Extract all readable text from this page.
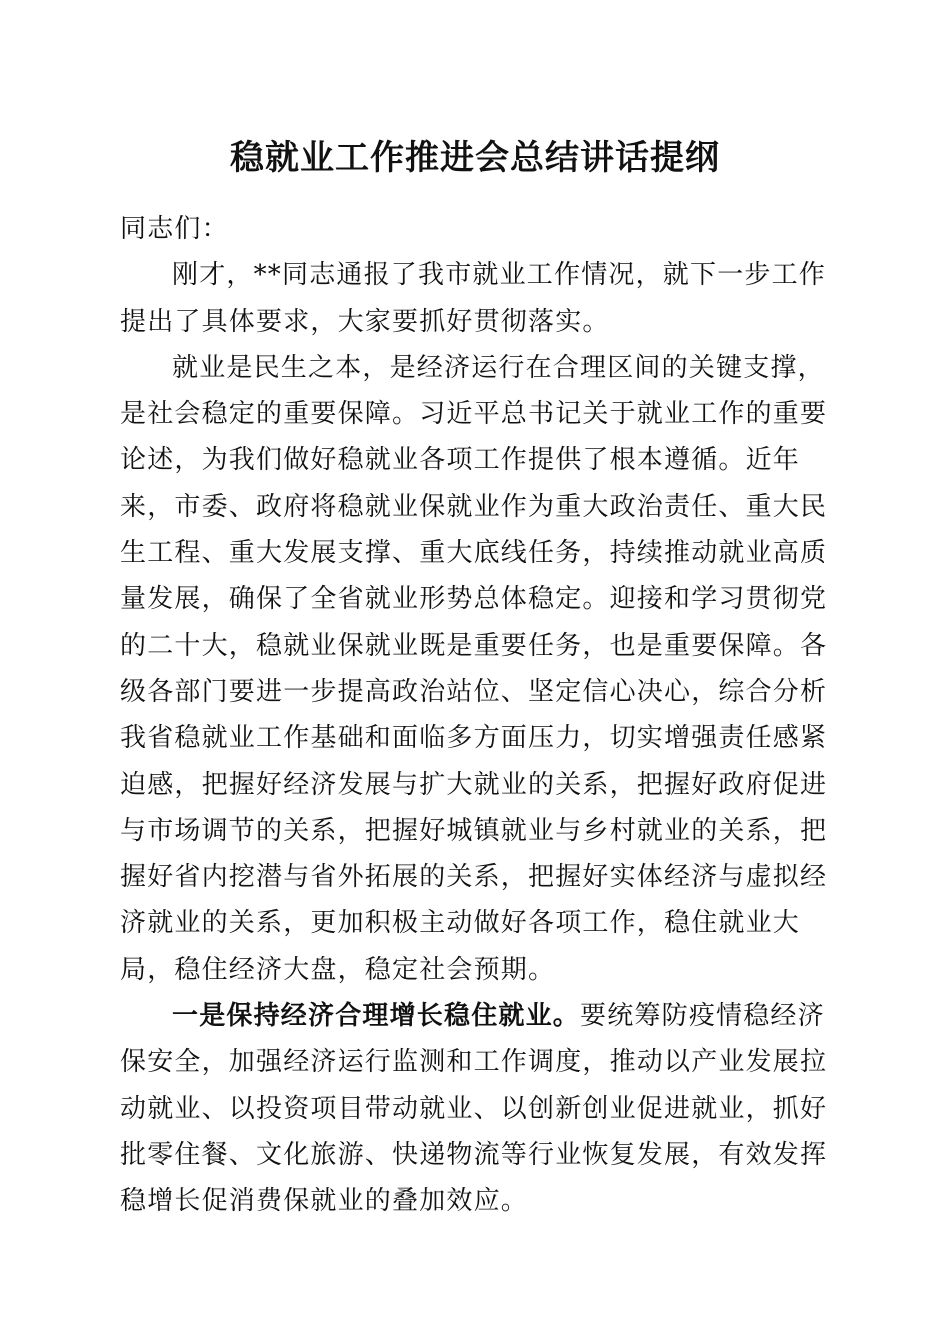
稳就业工作推进会总结讲话提纲

同志们：

刚才，**同志通报了我市就业工作情况，就下一步工作提出了具体要求，大家要抓好贯彻落实。

就业是民生之本，是经济运行在合理区间的关键支撑，是社会稳定的重要保障。习近平总书记关于就业工作的重要论述，为我们做好稳就业各项工作提供了根本遵循。近年来，市委、政府将稳就业保就业作为重大政治责任、重大民生工程、重大发展支撑、重大底线任务，持续推动就业高质量发展，确保了全省就业形势总体稳定。迎接和学习贯彻党的二十大，稳就业保就业既是重要任务，也是重要保障。各级各部门要进一步提高政治站位、坚定信心决心，综合分析我省稳就业工作基础和面临多方面压力，切实增强责任感紧迫感，把握好经济发展与扩大就业的关系，把握好政府促进与市场调节的关系，把握好城镇就业与乡村就业的关系，把握好省内挖潜与省外拓展的关系，把握好实体经济与虚拟经济就业的关系，更加积极主动做好各项工作，稳住就业大局，稳住经济大盘，稳定社会预期。

一是保持经济合理增长稳住就业。要统筹防疫情稳经济保安全，加强经济运行监测和工作调度，推动以产业发展拉动就业、以投资项目带动就业、以创新创业促进就业，抓好批零住餐、文化旅游、快递物流等行业恢复发展，有效发挥稳增长促消费保就业的叠加效应。
